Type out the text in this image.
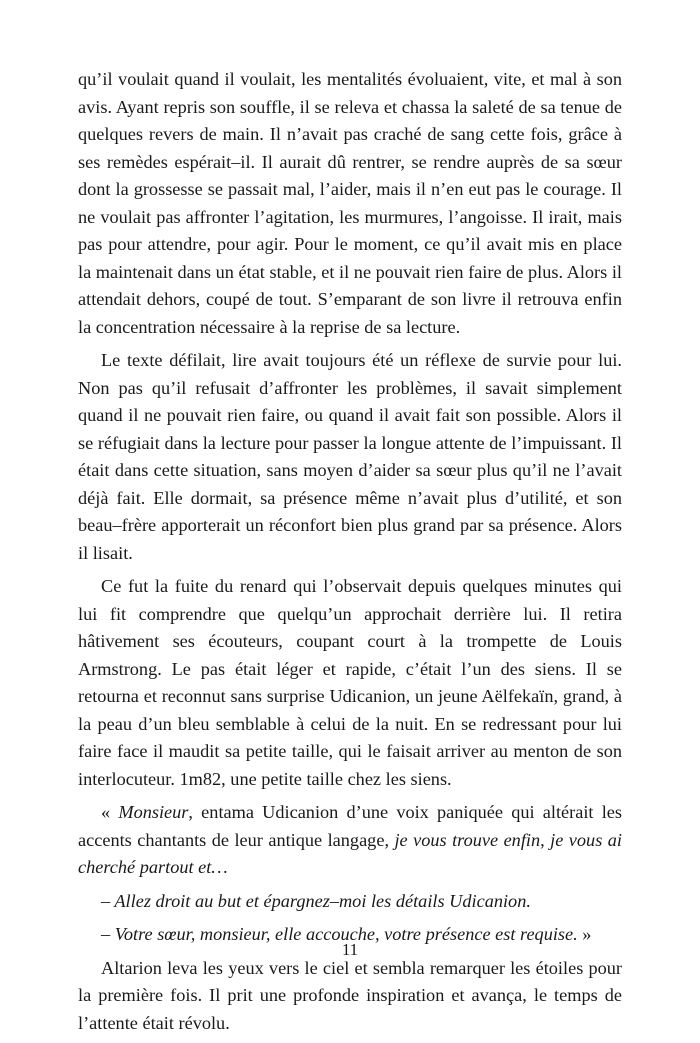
qu’il voulait quand il voulait, les mentalités évoluaient, vite, et mal à son avis. Ayant repris son souffle, il se releva et chassa la saleté de sa tenue de quelques revers de main. Il n’avait pas craché de sang cette fois, grâce à ses remèdes espérait–il. Il aurait dû rentrer, se rendre auprès de sa sœur dont la grossesse se passait mal, l’aider, mais il n’en eut pas le courage. Il ne voulait pas affronter l’agitation, les murmures, l’angoisse. Il irait, mais pas pour attendre, pour agir. Pour le moment, ce qu’il avait mis en place la maintenait dans un état stable, et il ne pouvait rien faire de plus. Alors il attendait dehors, coupé de tout. S’emparant de son livre il retrouva enfin la concentration nécessaire à la reprise de sa lecture.

Le texte défilait, lire avait toujours été un réflexe de survie pour lui. Non pas qu’il refusait d’affronter les problèmes, il savait simplement quand il ne pouvait rien faire, ou quand il avait fait son possible. Alors il se réfugiait dans la lecture pour passer la longue attente de l’impuissant. Il était dans cette situation, sans moyen d’aider sa sœur plus qu’il ne l’avait déjà fait. Elle dormait, sa présence même n’avait plus d’utilité, et son beau–frère apporterait un réconfort bien plus grand par sa présence. Alors il lisait.

Ce fut la fuite du renard qui l’observait depuis quelques minutes qui lui fit comprendre que quelqu’un approchait derrière lui. Il retira hâtivement ses écouteurs, coupant court à la trompette de Louis Armstrong. Le pas était léger et rapide, c’était l’un des siens. Il se retourna et reconnut sans surprise Udicanion, un jeune Aëlfekaïn, grand, à la peau d’un bleu semblable à celui de la nuit. En se redressant pour lui faire face il maudit sa petite taille, qui le faisait arriver au menton de son interlocuteur. 1m82, une petite taille chez les siens.

« Monsieur, entama Udicanion d’une voix paniquée qui altérait les accents chantants de leur antique langage, je vous trouve enfin, je vous ai cherché partout et…

– Allez droit au but et épargnez–moi les détails Udicanion.

– Votre sœur, monsieur, elle accouche, votre présence est requise. »

Altarion leva les yeux vers le ciel et sembla remarquer les étoiles pour la première fois. Il prit une profonde inspiration et avança, le temps de l’attente était révolu.

11
